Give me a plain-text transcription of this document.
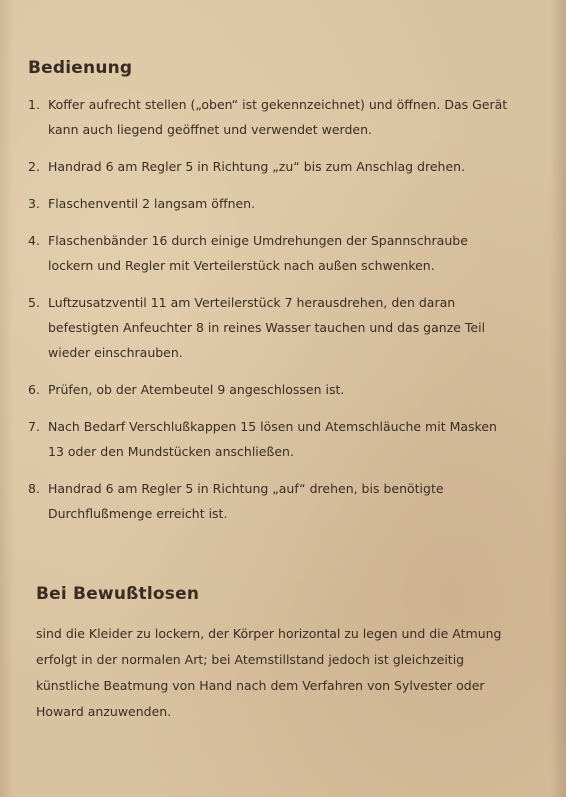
Bedienung
1. Koffer aufrecht stellen („oben“ ist gekennzeichnet) und öffnen. Das Gerät kann auch liegend geöffnet und verwendet werden.
2. Handrad 6 am Regler 5 in Richtung „zu“ bis zum Anschlag drehen.
3. Flaschenventil 2 langsam öffnen.
4. Flaschenbänder 16 durch einige Umdrehungen der Spannschraube lockern und Regler mit Verteilerstück nach außen schwenken.
5. Luftzusatzventil 11 am Verteilerstück 7 herausdrehen, den daran befestigten Anfeuchter 8 in reines Wasser tauchen und das ganze Teil wieder einschrauben.
6. Prüfen, ob der Atembeutel 9 angeschlossen ist.
7. Nach Bedarf Verschlußkappen 15 lösen und Atemschläuche mit Masken 13 oder den Mundstücken anschließen.
8. Handrad 6 am Regler 5 in Richtung „auf“ drehen, bis benötigte Durchflußmenge erreicht ist.
Bei Bewußtlosen

sind die Kleider zu lockern, der Körper horizontal zu legen und die Atmung erfolgt in der normalen Art; bei Atemstillstand jedoch ist gleichzeitig künstliche Beatmung von Hand nach dem Verfahren von Sylvester oder Howard anzuwenden.
